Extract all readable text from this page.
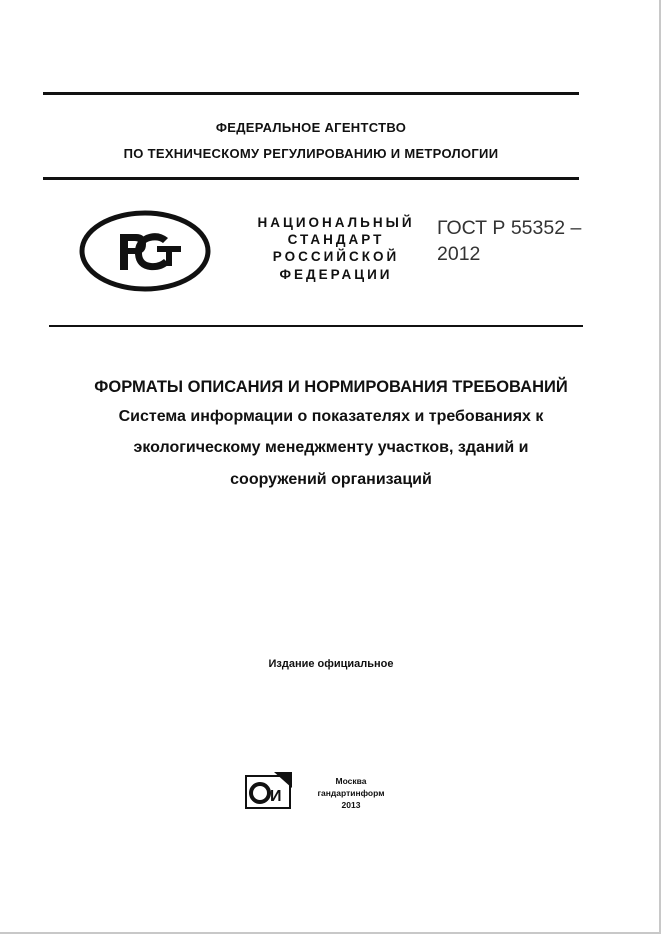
ФЕДЕРАЛЬНОЕ АГЕНТСТВО
ПО ТЕХНИЧЕСКОМУ РЕГУЛИРОВАНИЮ И МЕТРОЛОГИИ
НАЦИОНАЛЬНЫЙ
СТАНДАРТ
РОССИЙСКОЙ
ФЕДЕРАЦИИ
ГОСТ Р 55352 –
2012
ФОРМАТЫ ОПИСАНИЯ И НОРМИРОВАНИЯ ТРЕБОВАНИЙ
Система информации о показателях и требованиях к
экологическому менеджменту участков, зданий и
сооружений организаций
Издание официальное
И
Москва
гандартинформ
2013
